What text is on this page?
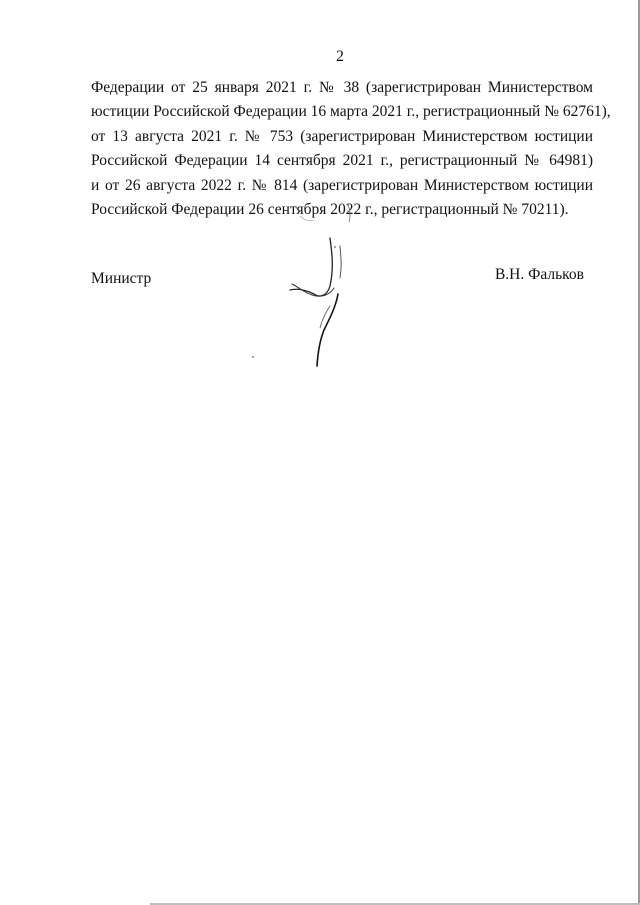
2
Федерации от 25 января 2021 г. № 38 (зарегистрирован Министерством
юстиции Российской Федерации 16 марта 2021 г., регистрационный № 62761),
от 13 августа 2021 г. № 753 (зарегистрирован Министерством юстиции
Российской Федерации 14 сентября 2021 г., регистрационный № 64981)
и от 26 августа 2022 г. № 814 (зарегистрирован Министерством юстиции
Российской Федерации 26 сентября 2022 г., регистрационный № 70211).
Министр	В.Н. Фальков
